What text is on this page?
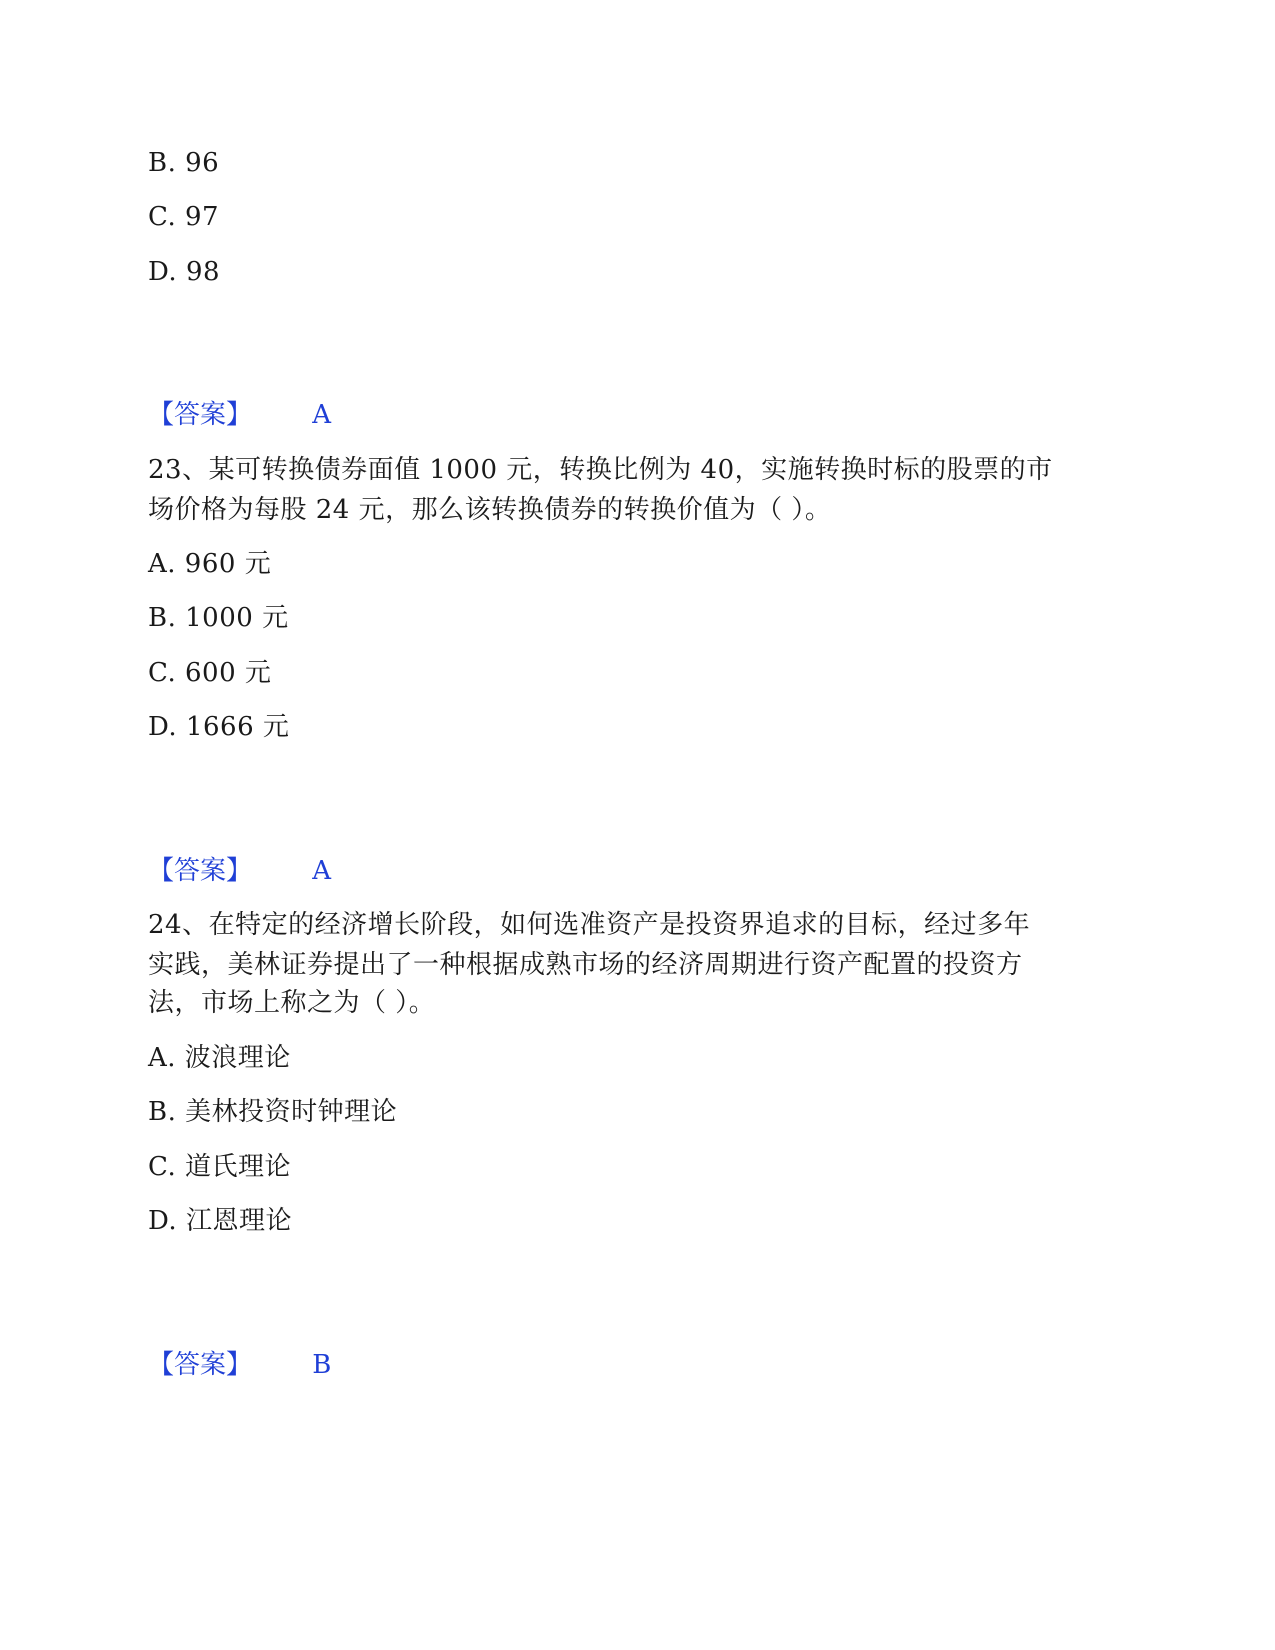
B. 96
C. 97
D. 98
【答案】 A
23、某可转换债券面值 1000 元，转换比例为 40，实施转换时标的股票的市
场价格为每股 24 元，那么该转换债券的转换价值为（ ）。
A. 960 元
B. 1000 元
C. 600 元
D. 1666 元
【答案】 A
24、在特定的经济增长阶段，如何选准资产是投资界追求的目标，经过多年
实践，美林证券提出了一种根据成熟市场的经济周期进行资产配置的投资方
法，市场上称之为（ ）。
A. 波浪理论
B. 美林投资时钟理论
C. 道氏理论
D. 江恩理论
【答案】 B
